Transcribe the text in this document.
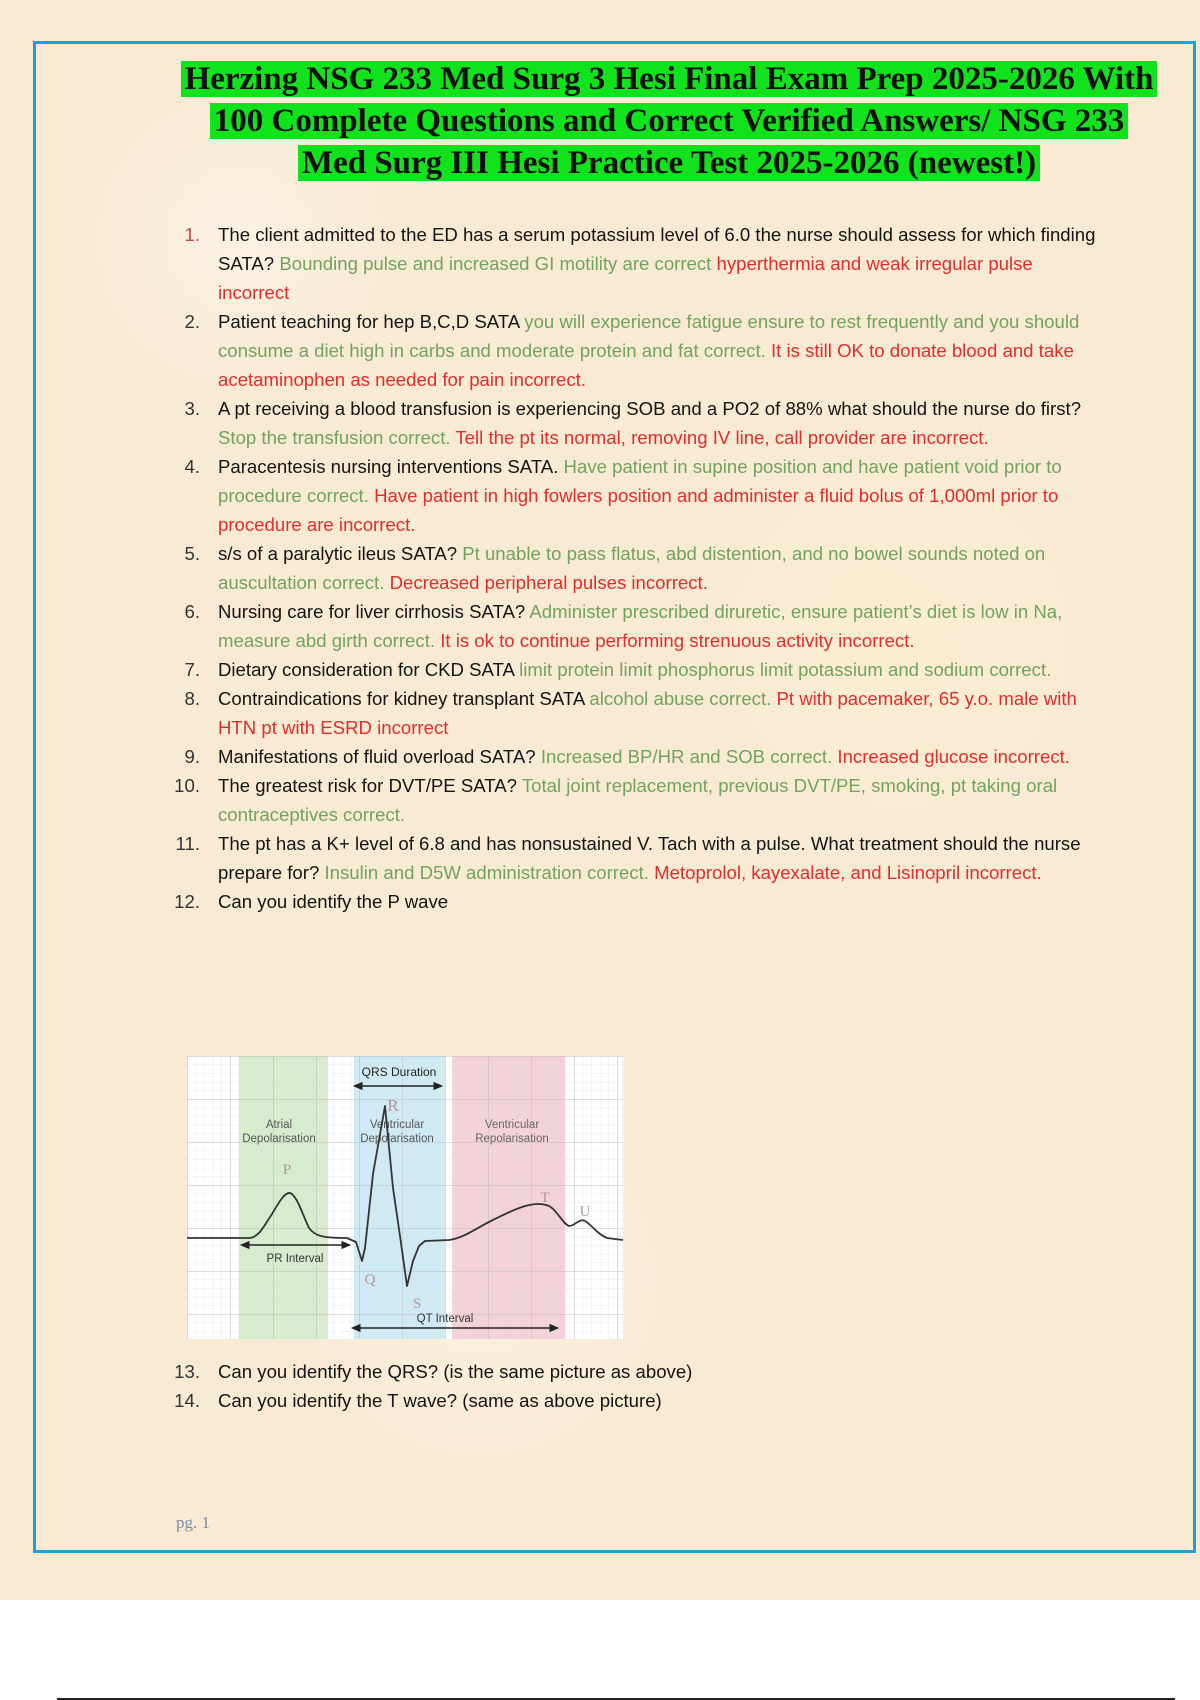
Herzing NSG 233 Med Surg 3 Hesi Final Exam Prep 2025-2026 With 100 Complete Questions and Correct Verified Answers/ NSG 233 Med Surg III Hesi Practice Test 2025-2026 (newest!)
1. The client admitted to the ED has a serum potassium level of 6.0 the nurse should assess for which finding SATA? Bounding pulse and increased GI motility are correct hyperthermia and weak irregular pulse incorrect
2. Patient teaching for hep B,C,D SATA you will experience fatigue ensure to rest frequently and you should consume a diet high in carbs and moderate protein and fat correct. It is still OK to donate blood and take acetaminophen as needed for pain incorrect.
3. A pt receiving a blood transfusion is experiencing SOB and a PO2 of 88% what should the nurse do first? Stop the transfusion correct. Tell the pt its normal, removing IV line, call provider are incorrect.
4. Paracentesis nursing interventions SATA. Have patient in supine position and have patient void prior to procedure correct. Have patient in high fowlers position and administer a fluid bolus of 1,000ml prior to procedure are incorrect.
5. s/s of a paralytic ileus SATA? Pt unable to pass flatus, abd distention, and no bowel sounds noted on auscultation correct. Decreased peripheral pulses incorrect.
6. Nursing care for liver cirrhosis SATA? Administer prescribed diruretic, ensure patient’s diet is low in Na, measure abd girth correct. It is ok to continue performing strenuous activity incorrect.
7. Dietary consideration for CKD SATA limit protein limit phosphorus limit potassium and sodium correct.
8. Contraindications for kidney transplant SATA alcohol abuse correct. Pt with pacemaker, 65 y.o. male with HTN pt with ESRD incorrect
9. Manifestations of fluid overload SATA? Increased BP/HR and SOB correct. Increased glucose incorrect.
10. The greatest risk for DVT/PE SATA? Total joint replacement, previous DVT/PE, smoking, pt taking oral contraceptives correct.
11. The pt has a K+ level of 6.8 and has nonsustained V. Tach with a pulse. What treatment should the nurse prepare for? Insulin and D5W administration correct. Metoprolol, kayexalate, and Lisinopril incorrect.
12. Can you identify the P wave
QRS Duration
Atrial
Depolarisation
Ventricular
Depolarisation
Ventricular
Repolarisation
P
R
Q
S
T
U
PR Interval
QT Interval
13. Can you identify the QRS? (is the same picture as above)
14. Can you identify the T wave? (same as above picture)
pg. 1
